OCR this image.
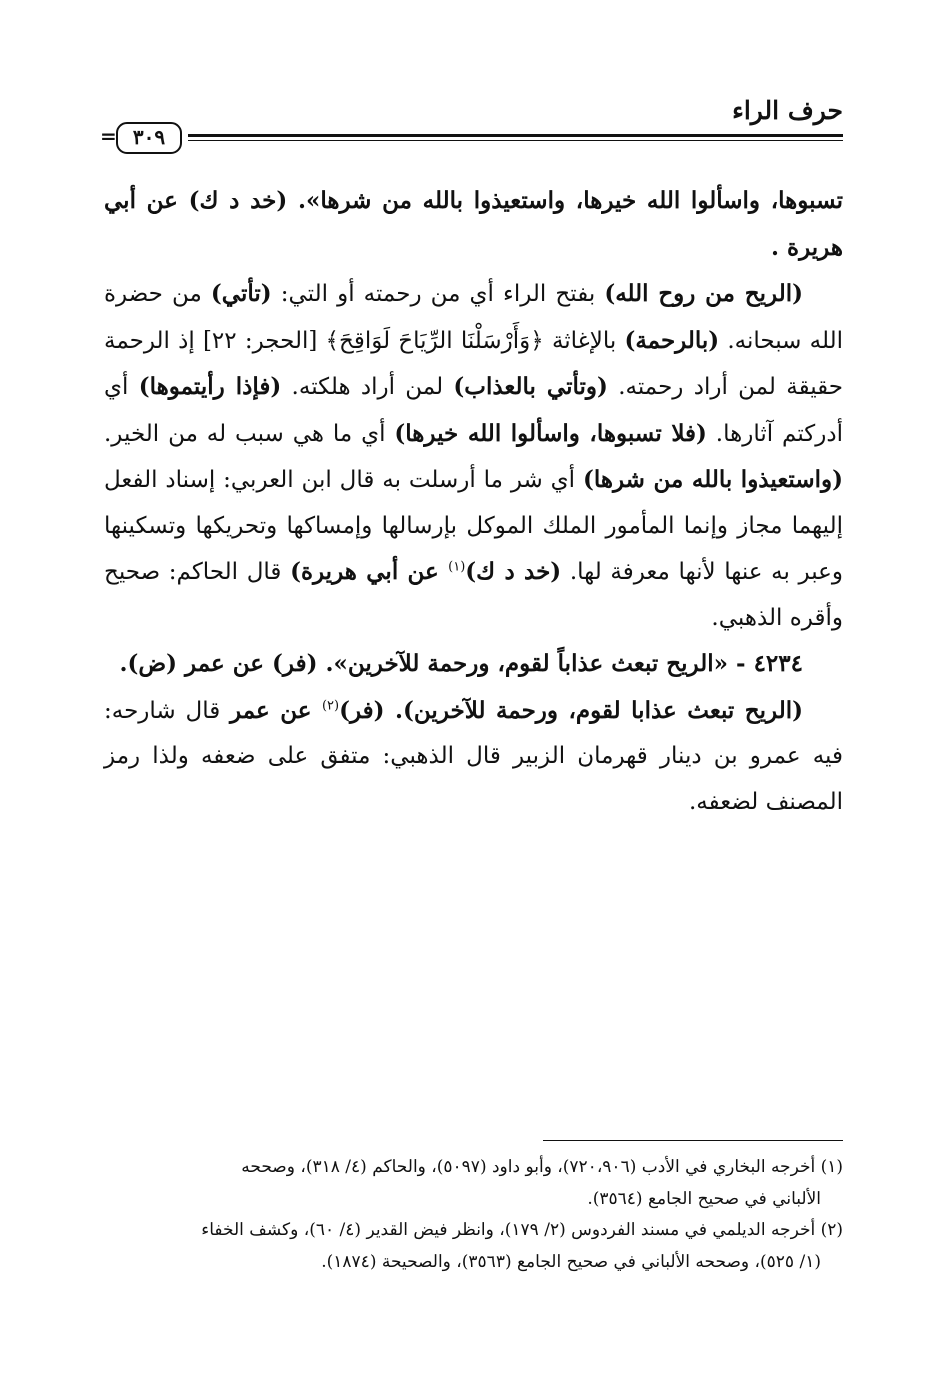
حرف الراء
٣٠٩
=

تسبوها، واسألوا الله خيرها، واستعيذوا بالله من شرها». (خد د ك) عن أبي هريرة .

(الريح من روح الله) بفتح الراء أي من رحمته أو التي: (تأتي) من حضرة الله سبحانه. (بالرحمة) بالإغاثة ﴿وَأَرْسَلْنَا الرِّيَاحَ لَوَاقِحَ﴾ [الحجر: ٢٢] إذ الرحمة حقيقة لمن أراد رحمته. (وتأتي بالعذاب) لمن أراد هلكته. (فإذا رأيتموها) أي أدركتم آثارها. (فلا تسبوها، واسألوا الله خيرها) أي ما هي سبب له من الخير. (واستعيذوا بالله من شرها) أي شر ما أرسلت به قال ابن العربي: إسناد الفعل إليهما مجاز وإنما المأمور الملك الموكل بإرسالها وإمساكها وتحريكها وتسكينها وعبر به عنها لأنها معرفة لها. (خد د ك)$^{(١)}$ عن أبي هريرة) قال الحاكم: صحيح وأقره الذهبي.

٤٢٣٤ - «الريح تبعث عذاباً لقوم، ورحمة للآخرين». (فر) عن عمر (ض).

(الريح تبعث عذابا لقوم، ورحمة للآخرين). (فر)$^{(٢)}$ عن عمر قال شارحه: فيه عمرو بن دينار قهرمان الزبير قال الذهبي: متفق على ضعفه ولذا رمز المصنف لضعفه.

(١) أخرجه البخاري في الأدب (٧٢٠،٩٠٦)، وأبو داود (٥٠٩٧)، والحاكم (٤/ ٣١٨)، وصححه

الألباني في صحيح الجامع (٣٥٦٤).

(٢) أخرجه الديلمي في مسند الفردوس (٢/ ١٧٩)، وانظر فيض القدير (٤/ ٦٠)، وكشف الخفاء

(١/ ٥٢٥)، وصححه الألباني في صحيح الجامع (٣٥٦٣)، والصحيحة (١٨٧٤).
